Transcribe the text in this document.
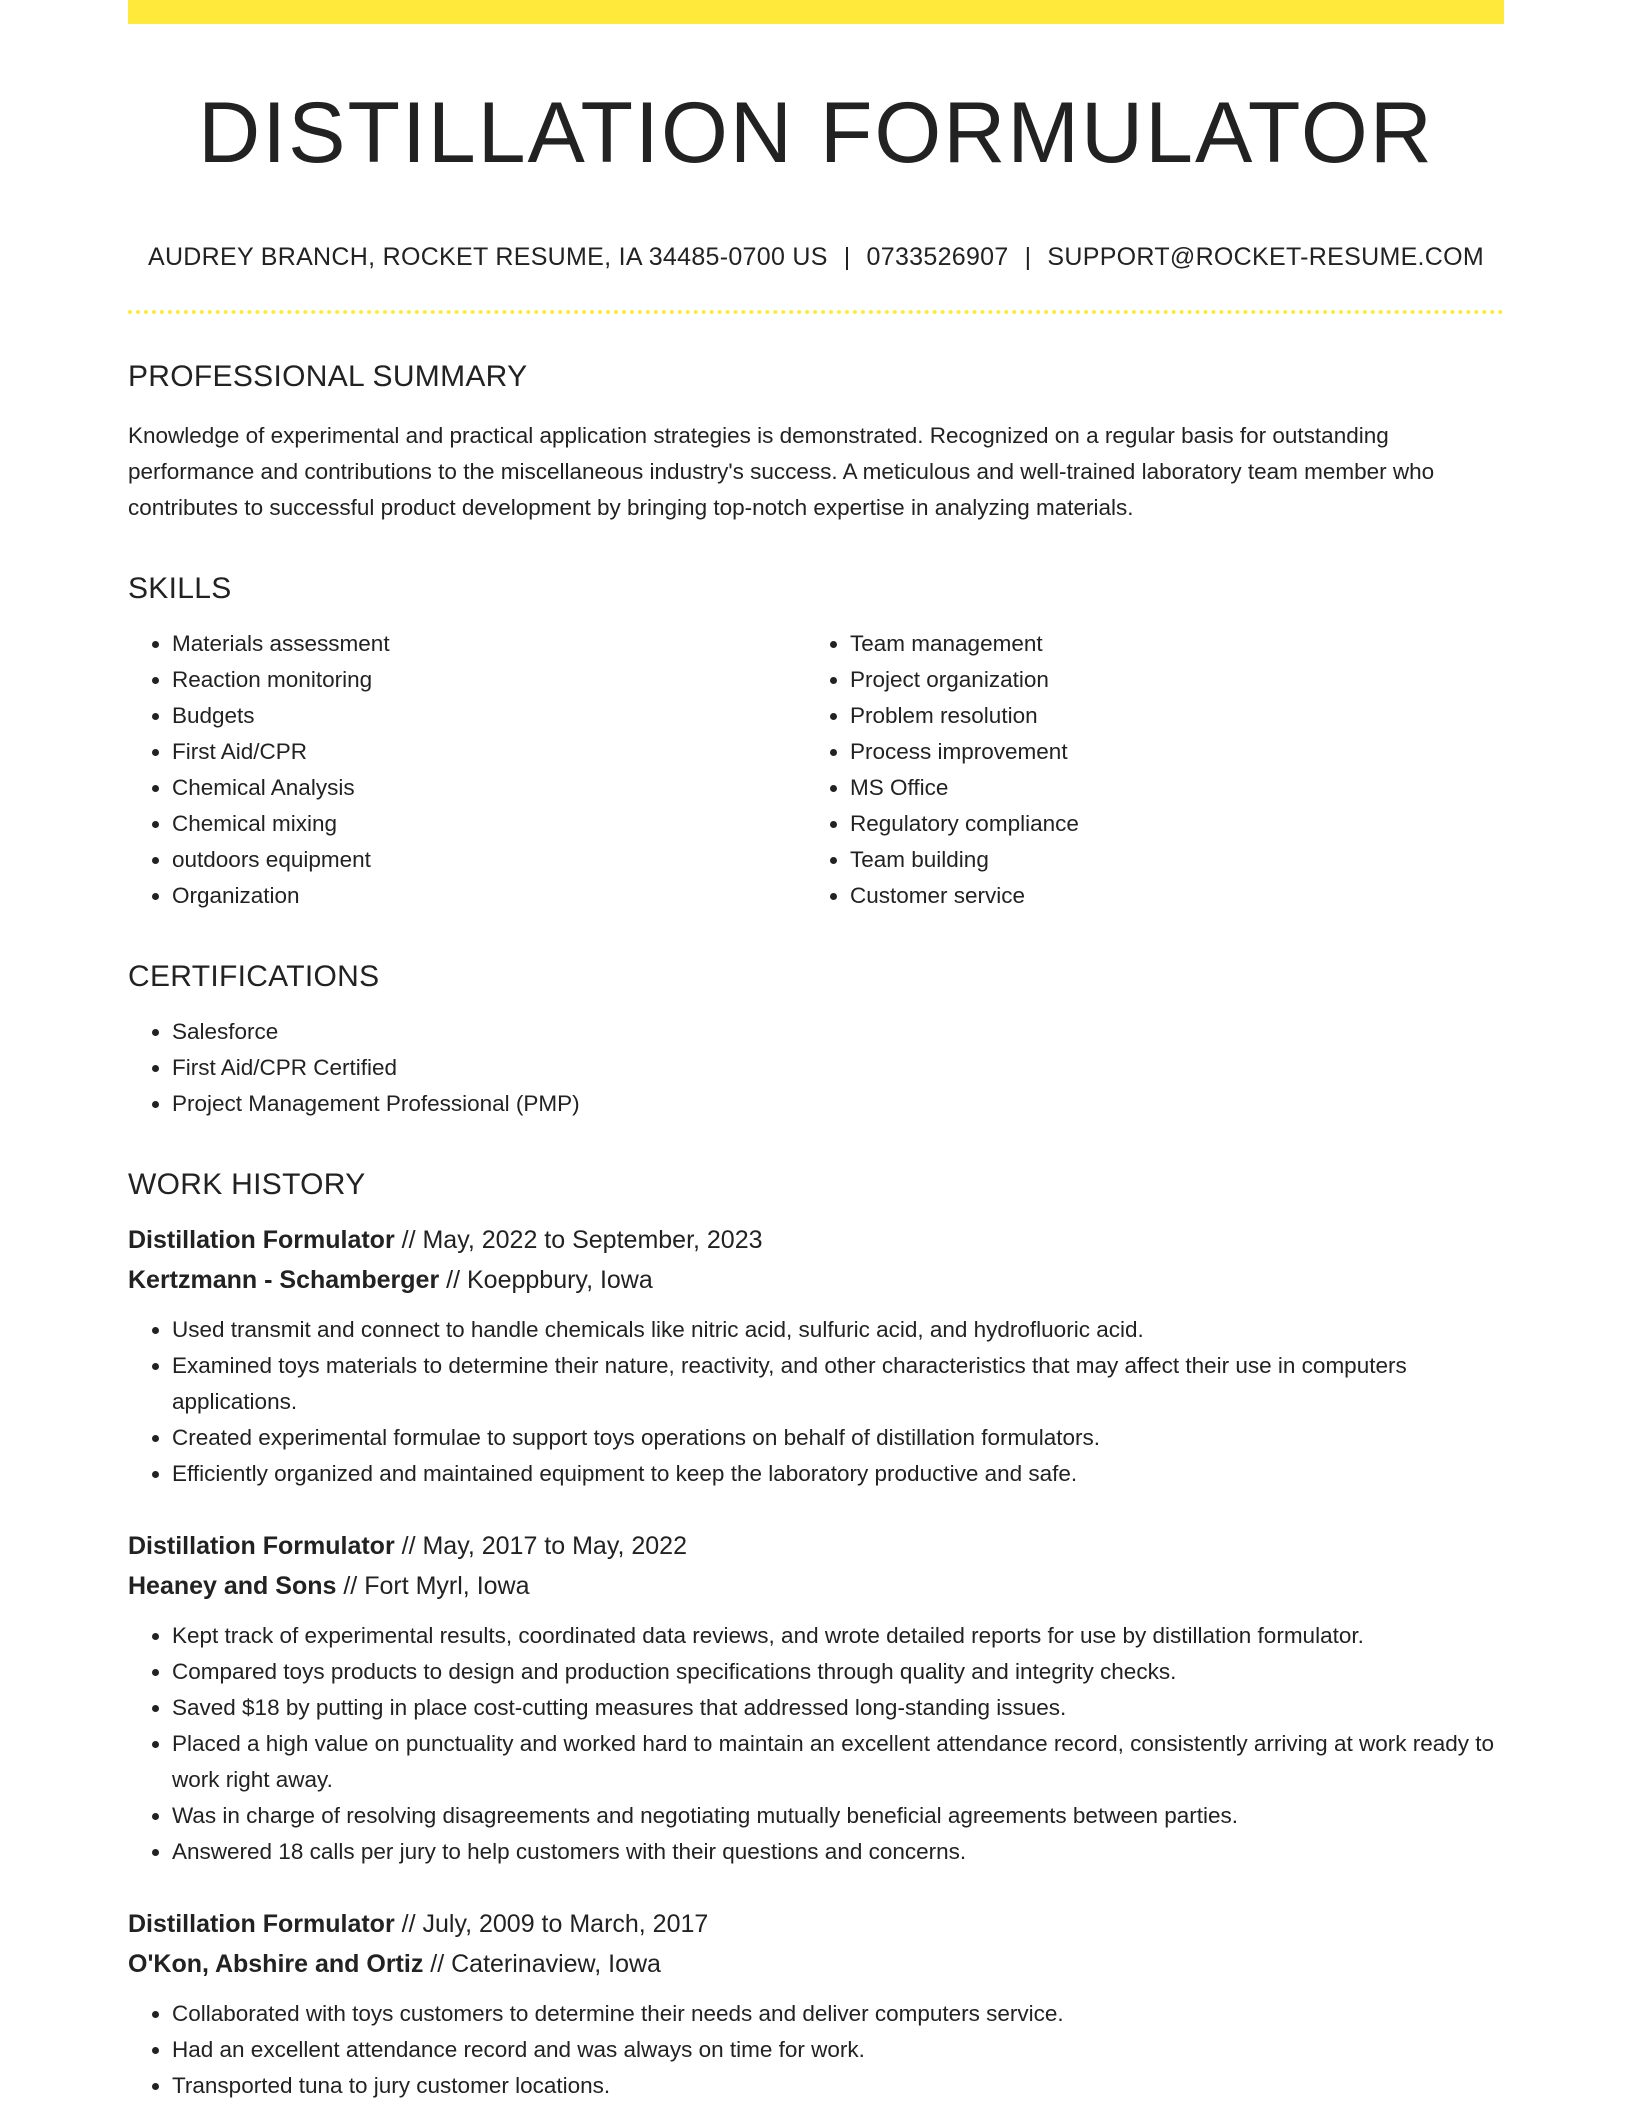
DISTILLATION FORMULATOR
AUDREY BRANCH, ROCKET RESUME, IA 34485-0700 US | 0733526907 | SUPPORT@ROCKET-RESUME.COM
PROFESSIONAL SUMMARY
Knowledge of experimental and practical application strategies is demonstrated. Recognized on a regular basis for outstanding performance and contributions to the miscellaneous industry's success. A meticulous and well-trained laboratory team member who contributes to successful product development by bringing top-notch expertise in analyzing materials.
SKILLS
• Materials assessment
• Reaction monitoring
• Budgets
• First Aid/CPR
• Chemical Analysis
• Chemical mixing
• outdoors equipment
• Organization
• Team management
• Project organization
• Problem resolution
• Process improvement
• MS Office
• Regulatory compliance
• Team building
• Customer service
CERTIFICATIONS
• Salesforce
• First Aid/CPR Certified
• Project Management Professional (PMP)
WORK HISTORY
Distillation Formulator // May, 2022 to September, 2023
Kertzmann - Schamberger // Koeppbury, Iowa
• Used transmit and connect to handle chemicals like nitric acid, sulfuric acid, and hydrofluoric acid.
• Examined toys materials to determine their nature, reactivity, and other characteristics that may affect their use in computers applications.
• Created experimental formulae to support toys operations on behalf of distillation formulators.
• Efficiently organized and maintained equipment to keep the laboratory productive and safe.
Distillation Formulator // May, 2017 to May, 2022
Heaney and Sons // Fort Myrl, Iowa
• Kept track of experimental results, coordinated data reviews, and wrote detailed reports for use by distillation formulator.
• Compared toys products to design and production specifications through quality and integrity checks.
• Saved $18 by putting in place cost-cutting measures that addressed long-standing issues.
• Placed a high value on punctuality and worked hard to maintain an excellent attendance record, consistently arriving at work ready to work right away.
• Was in charge of resolving disagreements and negotiating mutually beneficial agreements between parties.
• Answered 18 calls per jury to help customers with their questions and concerns.
Distillation Formulator // July, 2009 to March, 2017
O'Kon, Abshire and Ortiz // Caterinaview, Iowa
• Collaborated with toys customers to determine their needs and deliver computers service.
• Had an excellent attendance record and was always on time for work.
• Transported tuna to jury customer locations.
